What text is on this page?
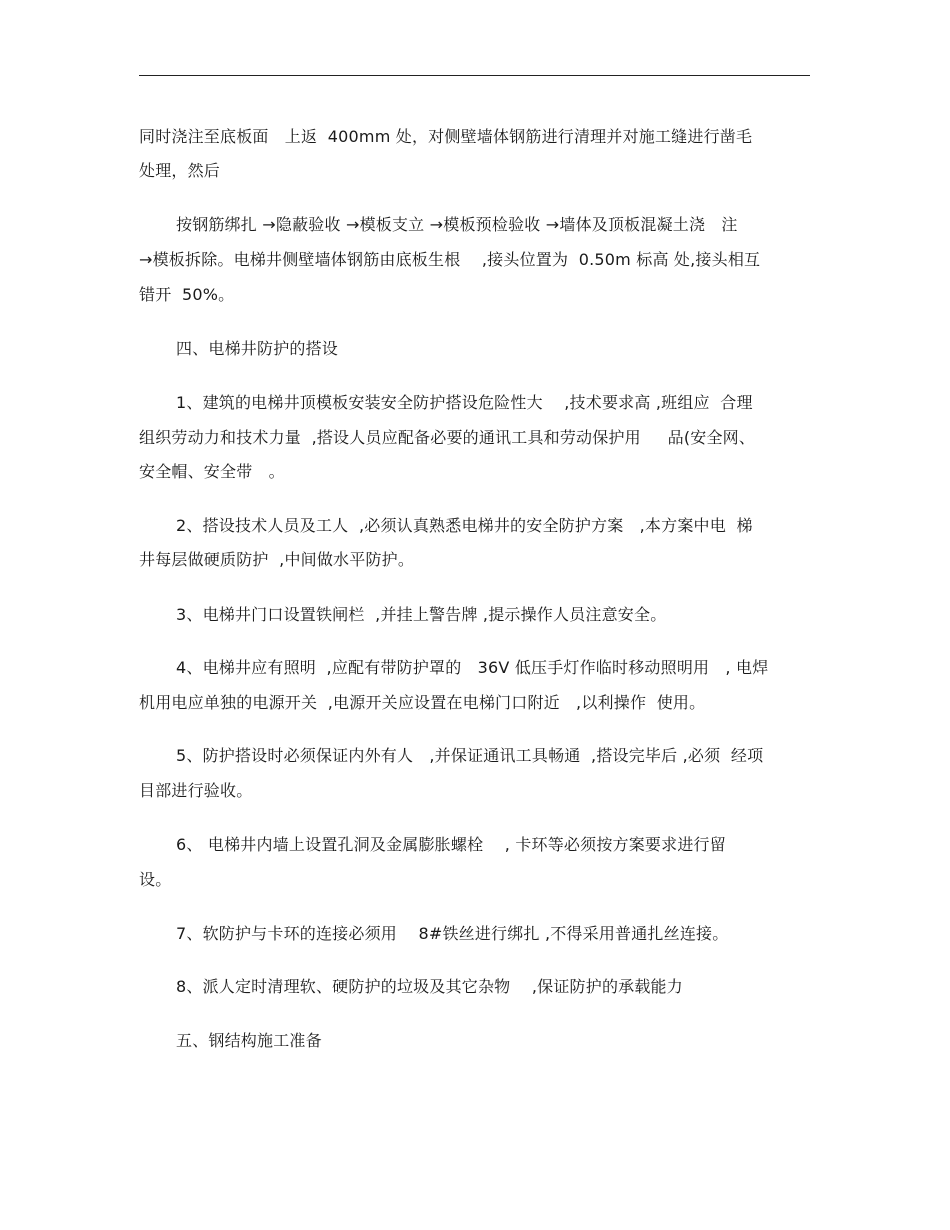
同时浇注至底板面　上返  400mm 处，对侧壁墙体钢筋进行清理并对施工缝进行凿毛
处理，然后
按钢筋绑扎 →隐蔽验收 →模板支立 →模板预检验收 →墙体及顶板混凝土浇　注
→模板拆除。电梯井侧壁墙体钢筋由底板生根　 ,接头位置为  0.50m 标高 处,接头相互
错开  50%。
四、电梯井防护的搭设
1、建筑的电梯井顶模板安装安全防护搭设危险性大　 ,技术要求高 ,班组应  合理
组织劳动力和技术力量  ,搭设人员应配备必要的通讯工具和劳动保护用　  品(安全网、
安全帽、安全带　。
2、搭设技术人员及工人  ,必须认真熟悉电梯井的安全防护方案　,本方案中电  梯
井每层做硬质防护  ,中间做水平防护。
3、电梯井门口设置铁闸栏  ,并挂上警告牌 ,提示操作人员注意安全。
4、电梯井应有照明  ,应配有带防护罩的　36V 低压手灯作临时移动照明用　, 电焊
机用电应单独的电源开关  ,电源开关应设置在电梯门口附近　,以利操作  使用。
5、防护搭设时必须保证内外有人　,并保证通讯工具畅通  ,搭设完毕后 ,必须  经项
目部进行验收。
6、 电梯井内墙上设置孔洞及金属膨胀螺栓　 , 卡环等必须按方案要求进行留
设。
7、软防护与卡环的连接必须用　 8#铁丝进行绑扎 ,不得采用普通扎丝连接。
8、派人定时清理软、硬防护的垃圾及其它杂物　 ,保证防护的承载能力
五、钢结构施工准备
